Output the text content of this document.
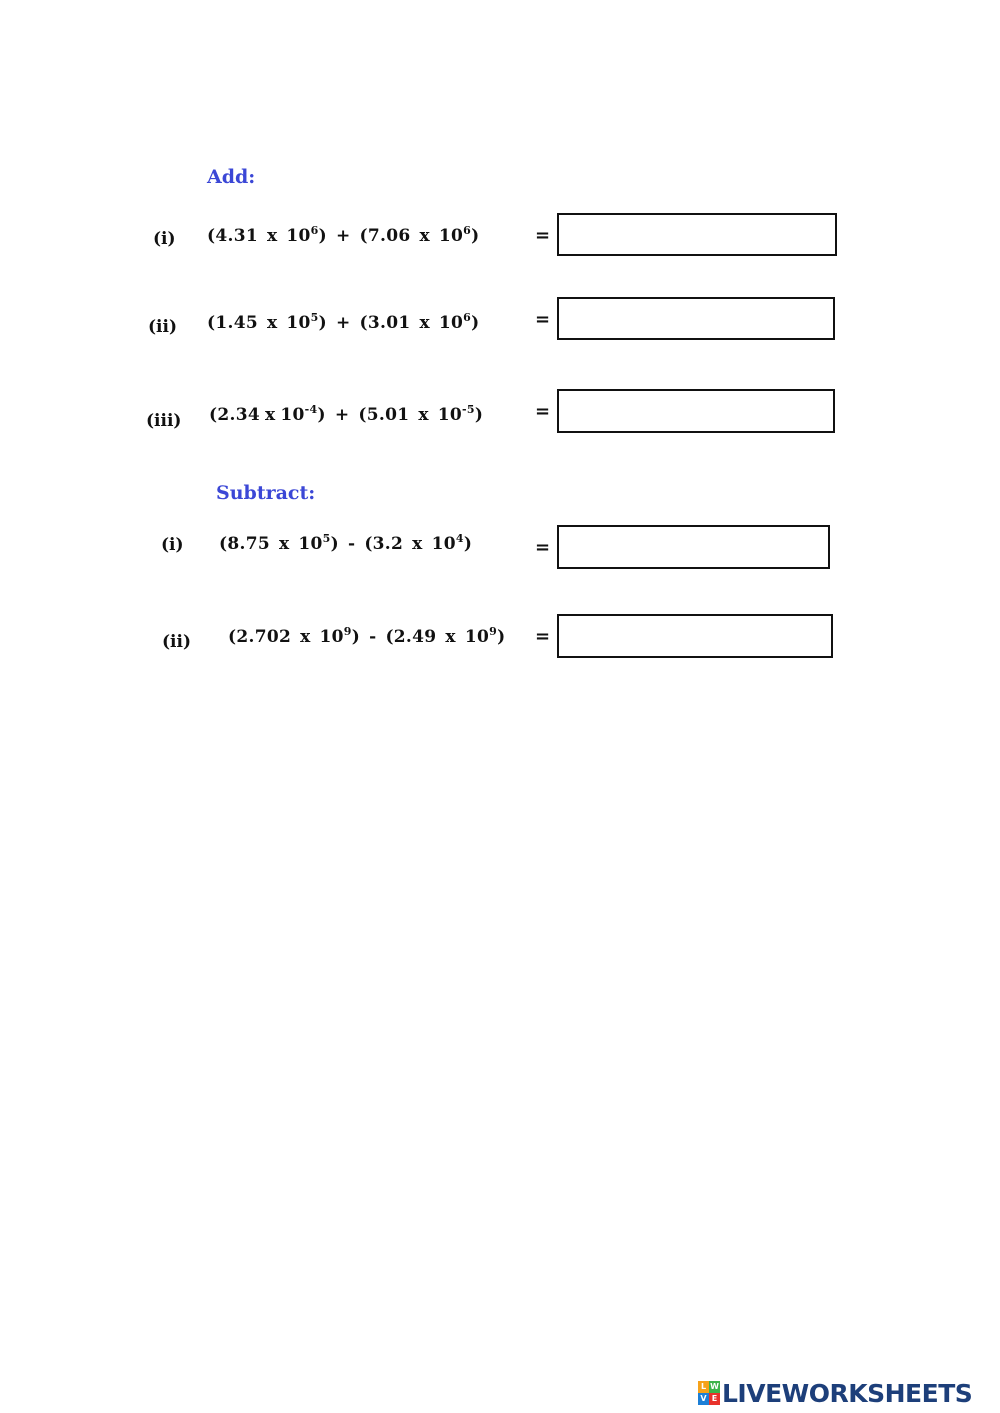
Add:
(i) (4.31 x $10^6) + (7.06$ x $10^6$)	=
(ii) (1.45 x $10^5) + (3.01$ x $10^6$)	=
(iii) (2.34 x $10^{-4}) + (5.01$ x $10^{-5}$)	=
Subtract:
(i) (8.75 x $10^5) - (3.2$ x $10^4$)	=
(ii) (2.702 x $10^9) - (2.49$ x $10^9$) =
L W
V E LIVEWORKSHEETS
